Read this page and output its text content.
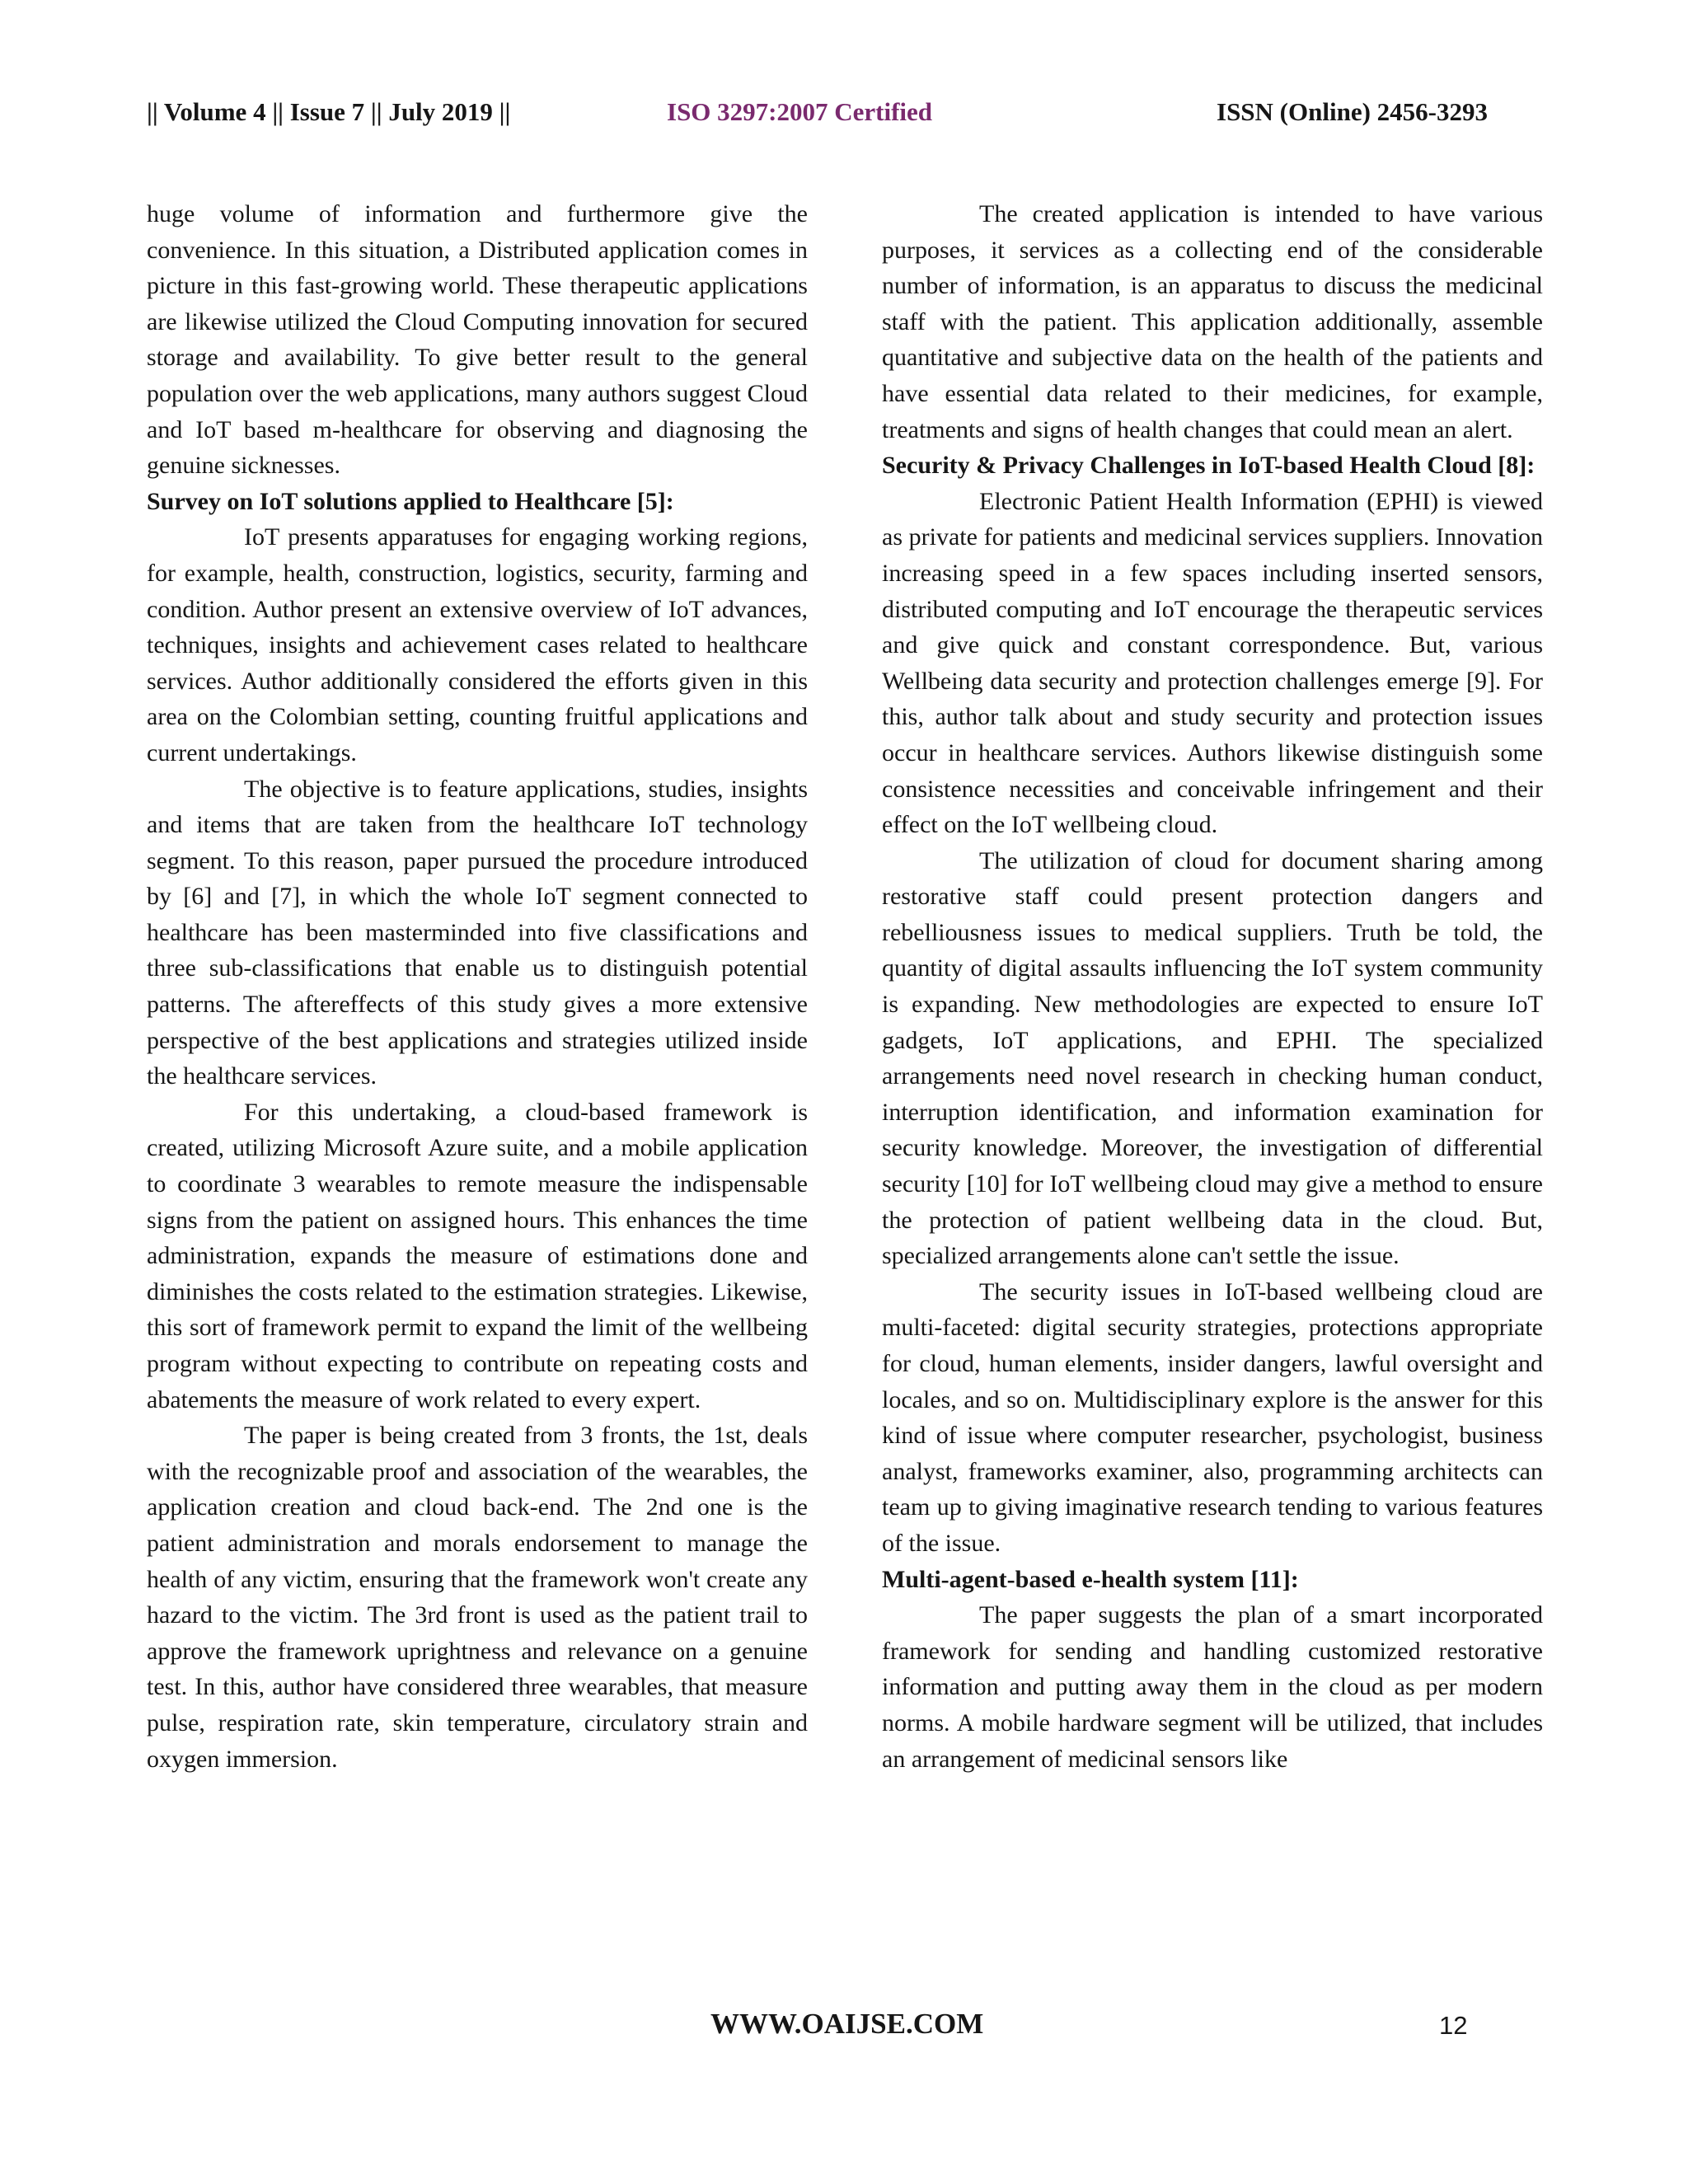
|| Volume 4 || Issue 7 || July 2019 ||	ISO 3297:2007 Certified	ISSN (Online) 2456-3293

huge volume of information and furthermore give the convenience. In this situation, a Distributed application comes in picture in this fast-growing world. These therapeutic applications are likewise utilized the Cloud Computing innovation for secured storage and availability. To give better result to the general population over the web applications, many authors suggest Cloud and IoT based m-healthcare for observing and diagnosing the genuine sicknesses.

Survey on IoT solutions applied to Healthcare [5]:

IoT presents apparatuses for engaging working regions, for example, health, construction, logistics, security, farming and condition. Author present an extensive overview of IoT advances, techniques, insights and achievement cases related to healthcare services. Author additionally considered the efforts given in this area on the Colombian setting, counting fruitful applications and current undertakings.

The objective is to feature applications, studies, insights and items that are taken from the healthcare IoT technology segment. To this reason, paper pursued the procedure introduced by [6] and [7], in which the whole IoT segment connected to healthcare has been masterminded into five classifications and three sub-classifications that enable us to distinguish potential patterns. The aftereffects of this study gives a more extensive perspective of the best applications and strategies utilized inside the healthcare services.

For this undertaking, a cloud-based framework is created, utilizing Microsoft Azure suite, and a mobile application to coordinate 3 wearables to remote measure the indispensable signs from the patient on assigned hours. This enhances the time administration, expands the measure of estimations done and diminishes the costs related to the estimation strategies. Likewise, this sort of framework permit to expand the limit of the wellbeing program without expecting to contribute on repeating costs and abatements the measure of work related to every expert.

The paper is being created from 3 fronts, the 1st, deals with the recognizable proof and association of the wearables, the application creation and cloud back-end. The 2nd one is the patient administration and morals endorsement to manage the health of any victim, ensuring that the framework won't create any hazard to the victim. The 3rd front is used as the patient trail to approve the framework uprightness and relevance on a genuine test. In this, author have considered three wearables, that measure pulse, respiration rate, skin temperature, circulatory strain and oxygen immersion.

The created application is intended to have various purposes, it services as a collecting end of the considerable number of information, is an apparatus to discuss the medicinal staff with the patient. This application additionally, assemble quantitative and subjective data on the health of the patients and have essential data related to their medicines, for example, treatments and signs of health changes that could mean an alert.

Security & Privacy Challenges in IoT-based Health Cloud [8]:

Electronic Patient Health Information (EPHI) is viewed as private for patients and medicinal services suppliers. Innovation increasing speed in a few spaces including inserted sensors, distributed computing and IoT encourage the therapeutic services and give quick and constant correspondence. But, various Wellbeing data security and protection challenges emerge [9]. For this, author talk about and study security and protection issues occur in healthcare services. Authors likewise distinguish some consistence necessities and conceivable infringement and their effect on the IoT wellbeing cloud.

The utilization of cloud for document sharing among restorative staff could present protection dangers and rebelliousness issues to medical suppliers. Truth be told, the quantity of digital assaults influencing the IoT system community is expanding. New methodologies are expected to ensure IoT gadgets, IoT applications, and EPHI. The specialized arrangements need novel research in checking human conduct, interruption identification, and information examination for security knowledge. Moreover, the investigation of differential security [10] for IoT wellbeing cloud may give a method to ensure the protection of patient wellbeing data in the cloud. But, specialized arrangements alone can't settle the issue.

The security issues in IoT-based wellbeing cloud are multi-faceted: digital security strategies, protections appropriate for cloud, human elements, insider dangers, lawful oversight and locales, and so on. Multidisciplinary explore is the answer for this kind of issue where computer researcher, psychologist, business analyst, frameworks examiner, also, programming architects can team up to giving imaginative research tending to various features of the issue.

Multi-agent-based e-health system [11]:

The paper suggests the plan of a smart incorporated framework for sending and handling customized restorative information and putting away them in the cloud as per modern norms. A mobile hardware segment will be utilized, that includes an arrangement of medicinal sensors like

WWW.OAIJSE.COM	12
